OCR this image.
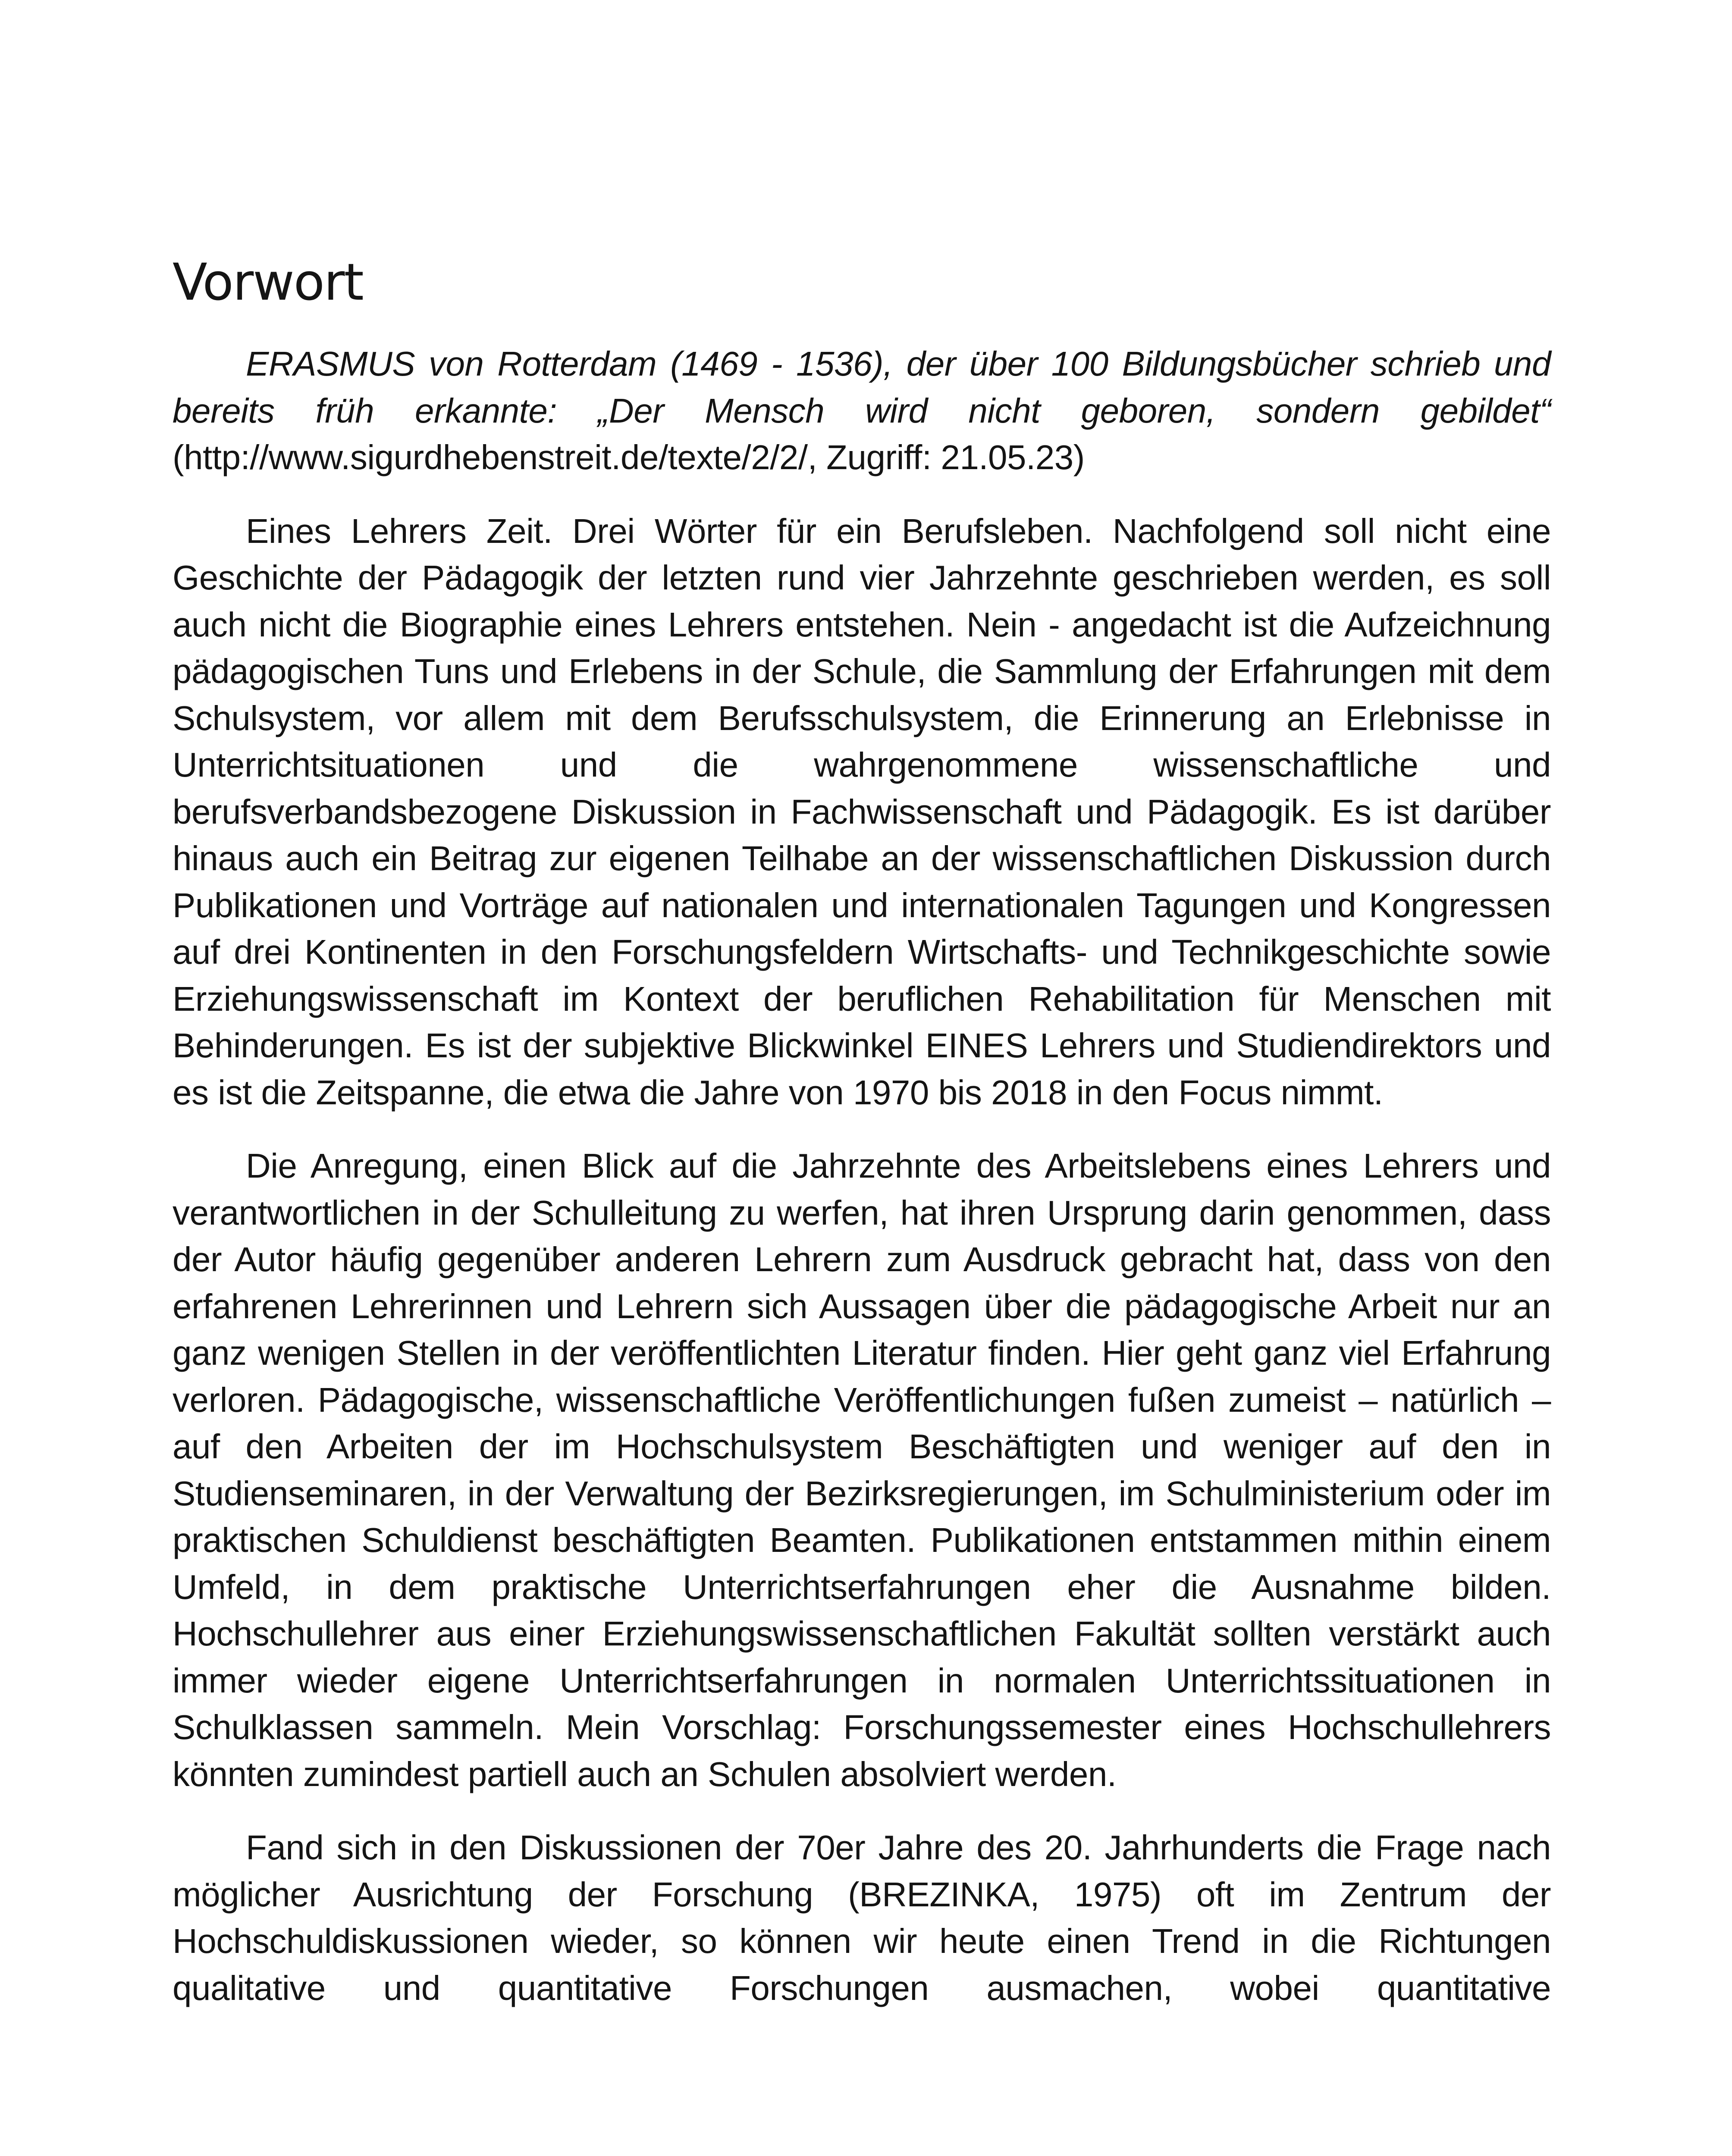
Vorwort

ERASMUS von Rotterdam (1469 - 1536), der über 100 Bildungsbücher schrieb und bereits früh erkannte: „Der Mensch wird nicht geboren, sondern gebildet“ (http://www.sigurdhebenstreit.de/texte/2/2/, Zugriff: 21.05.23)

Eines Lehrers Zeit. Drei Wörter für ein Berufsleben. Nachfolgend soll nicht eine Geschichte der Pädagogik der letzten rund vier Jahrzehnte geschrieben werden, es soll auch nicht die Biographie eines Lehrers entstehen. Nein - angedacht ist die Aufzeichnung pädagogischen Tuns und Erlebens in der Schule, die Sammlung der Erfahrungen mit dem Schulsystem, vor allem mit dem Berufsschulsystem, die Erinnerung an Erlebnisse in Unterrichtsituationen und die wahrgenommene wissenschaftliche und berufsverbandsbezogene Diskussion in Fachwissenschaft und Pädagogik. Es ist darüber hinaus auch ein Beitrag zur eigenen Teilhabe an der wissenschaftlichen Diskussion durch Publikationen und Vorträge auf nationalen und internationalen Tagungen und Kongressen auf drei Kontinenten in den Forschungsfeldern Wirtschafts- und Technikgeschichte sowie Erziehungswissenschaft im Kontext der beruflichen Rehabilitation für Menschen mit Behinderungen. Es ist der subjektive Blickwinkel EINES Lehrers und Studiendirektors und es ist die Zeitspanne, die etwa die Jahre von 1970 bis 2018 in den Focus nimmt.

Die Anregung, einen Blick auf die Jahrzehnte des Arbeitslebens eines Lehrers und verantwortlichen in der Schulleitung zu werfen, hat ihren Ursprung darin genommen, dass der Autor häufig gegenüber anderen Lehrern zum Ausdruck gebracht hat, dass von den erfahrenen Lehrerinnen und Lehrern sich Aussagen über die pädagogische Arbeit nur an ganz wenigen Stellen in der veröffentlichten Literatur finden. Hier geht ganz viel Erfahrung verloren. Pädagogische, wissenschaftliche Veröffentlichungen fußen zumeist – natürlich – auf den Arbeiten der im Hochschulsystem Beschäftigten und weniger auf den in Studienseminaren, in der Verwaltung der Bezirksregierungen, im Schulministerium oder im praktischen Schuldienst beschäftigten Beamten. Publikationen entstammen mithin einem Umfeld, in dem praktische Unterrichtserfahrungen eher die Ausnahme bilden. Hochschullehrer aus einer Erziehungswissenschaftlichen Fakultät sollten verstärkt auch immer wieder eigene Unterrichtserfahrungen in normalen Unterrichtssituationen in Schulklassen sammeln. Mein Vorschlag: Forschungssemester eines Hochschullehrers könnten zumindest partiell auch an Schulen absolviert werden.

Fand sich in den Diskussionen der 70er Jahre des 20. Jahrhunderts die Frage nach möglicher Ausrichtung der Forschung (BREZINKA, 1975) oft im Zentrum der Hochschuldiskussionen wieder, so können wir heute einen Trend in die Richtungen qualitative und quantitative Forschungen ausmachen, wobei quantitative
